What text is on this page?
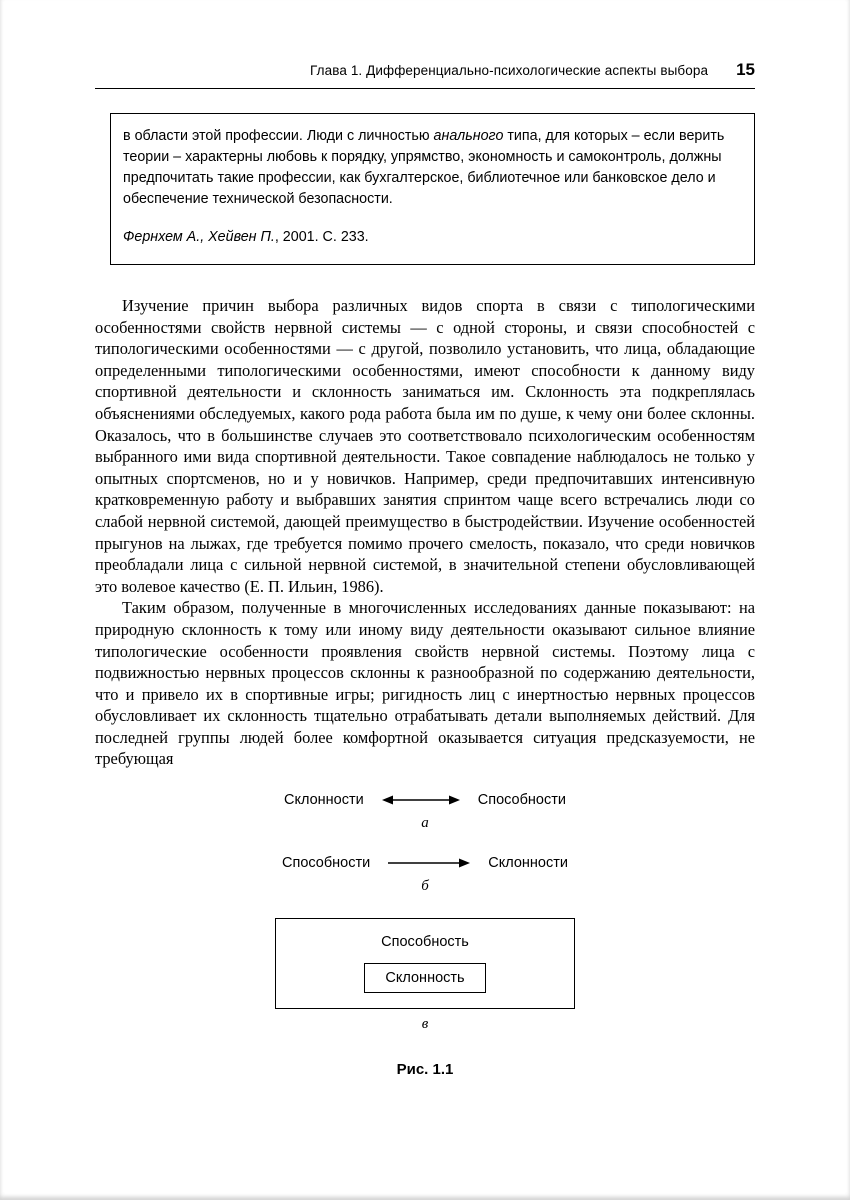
Глава 1. Дифференциально-психологические аспекты выбора 15

в области этой профессии. Люди с личностью анального типа, для которых – если верить теории – характерны любовь к порядку, упрямство, экономность и самоконтроль, должны предпочитать такие профессии, как бухгалтерское, библиотечное или банковское дело и обеспечение технической безопасности.

Фернхем А., Хейвен П., 2001. С. 233.

Изучение причин выбора различных видов спорта в связи с типологическими особенностями свойств нервной системы — с одной стороны, и связи способностей с типологическими особенностями — с другой, позволило установить, что лица, обладающие определенными типологическими особенностями, имеют способности к данному виду спортивной деятельности и склонность заниматься им. Склонность эта подкреплялась объяснениями обследуемых, какого рода работа была им по душе, к чему они более склонны. Оказалось, что в большинстве случаев это соответствовало психологическим особенностям выбранного ими вида спортивной деятельности. Такое совпадение наблюдалось не только у опытных спортсменов, но и у новичков. Например, среди предпочитавших интенсивную кратковременную работу и выбравших занятия спринтом чаще всего встречались люди со слабой нервной системой, дающей преимущество в быстродействии. Изучение особенностей прыгунов на лыжах, где требуется помимо прочего смелость, показало, что среди новичков преобладали лица с сильной нервной системой, в значительной степени обусловливающей это волевое качество (Е. П. Ильин, 1986).

Таким образом, полученные в многочисленных исследованиях данные показывают: на природную склонность к тому или иному виду деятельности оказывают сильное влияние типологические особенности проявления свойств нервной системы. Поэтому лица с подвижностью нервных процессов склонны к разнообразной по содержанию деятельности, что и привело их в спортивные игры; ригидность лиц с инертностью нервных процессов обусловливает их склонность тщательно отрабатывать детали выполняемых действий. Для последней группы людей более комфортной оказывается ситуация предсказуемости, не требующая

Склонности	Способности
а
Способности	Склонности
б
Способность
Склонность
в
Рис. 1.1
